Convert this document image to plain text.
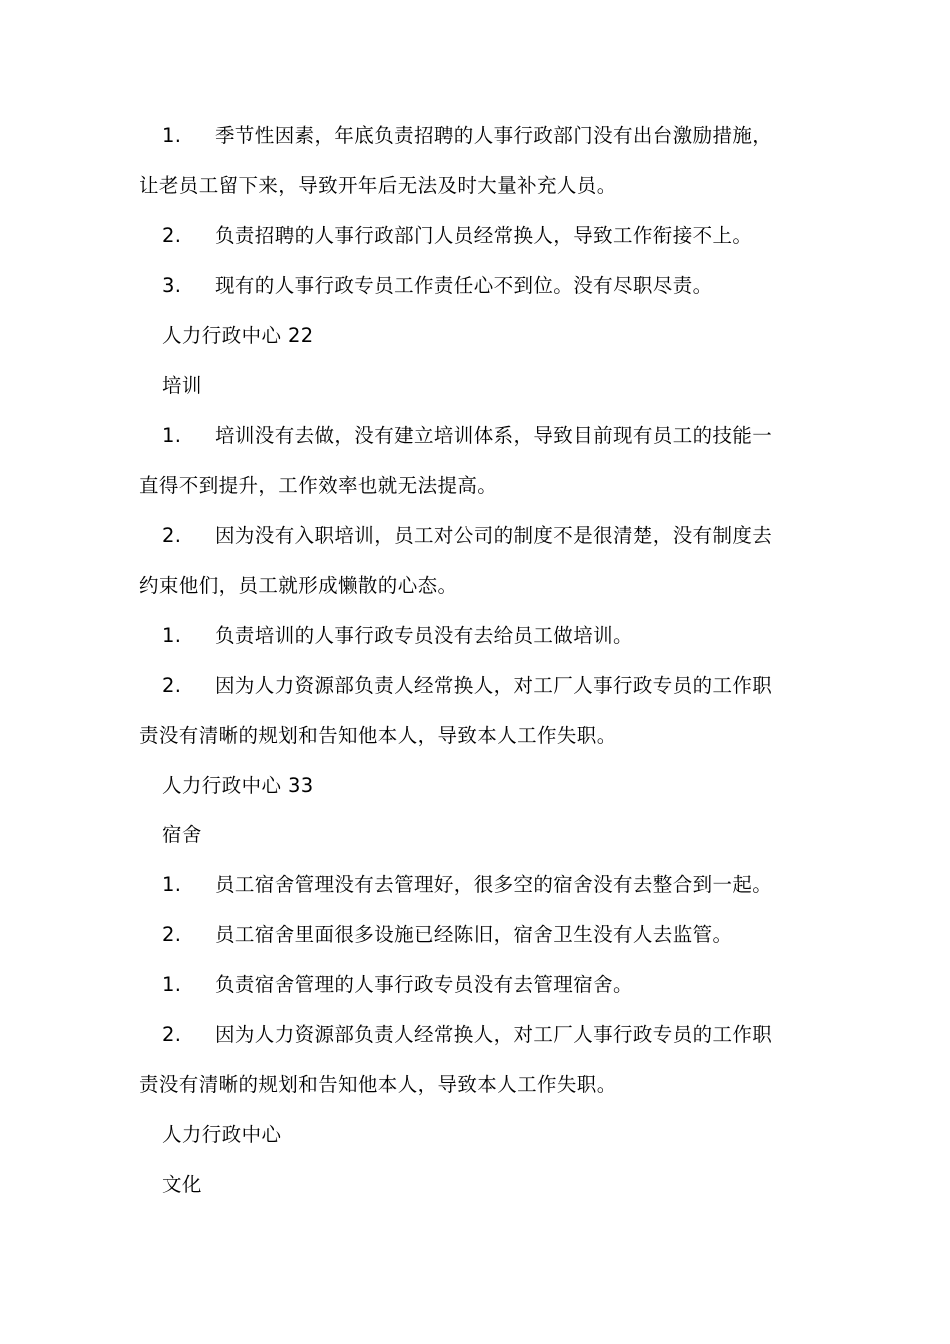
1. 季节性因素，年底负责招聘的人事行政部门没有出台激励措施，
让老员工留下来，导致开年后无法及时大量补充人员。
2. 负责招聘的人事行政部门人员经常换人，导致工作衔接不上。
3. 现有的人事行政专员工作责任心不到位。没有尽职尽责。
人力行政中心 22
培训
1. 培训没有去做，没有建立培训体系，导致目前现有员工的技能一
直得不到提升，工作效率也就无法提高。
2. 因为没有入职培训，员工对公司的制度不是很清楚，没有制度去
约束他们，员工就形成懒散的心态。
1. 负责培训的人事行政专员没有去给员工做培训。
2. 因为人力资源部负责人经常换人，对工厂人事行政专员的工作职
责没有清晰的规划和告知他本人，导致本人工作失职。
人力行政中心 33
宿舍
1. 员工宿舍管理没有去管理好，很多空的宿舍没有去整合到一起。
2. 员工宿舍里面很多设施已经陈旧，宿舍卫生没有人去监管。
1. 负责宿舍管理的人事行政专员没有去管理宿舍。
2. 因为人力资源部负责人经常换人，对工厂人事行政专员的工作职
责没有清晰的规划和告知他本人，导致本人工作失职。
人力行政中心
文化
